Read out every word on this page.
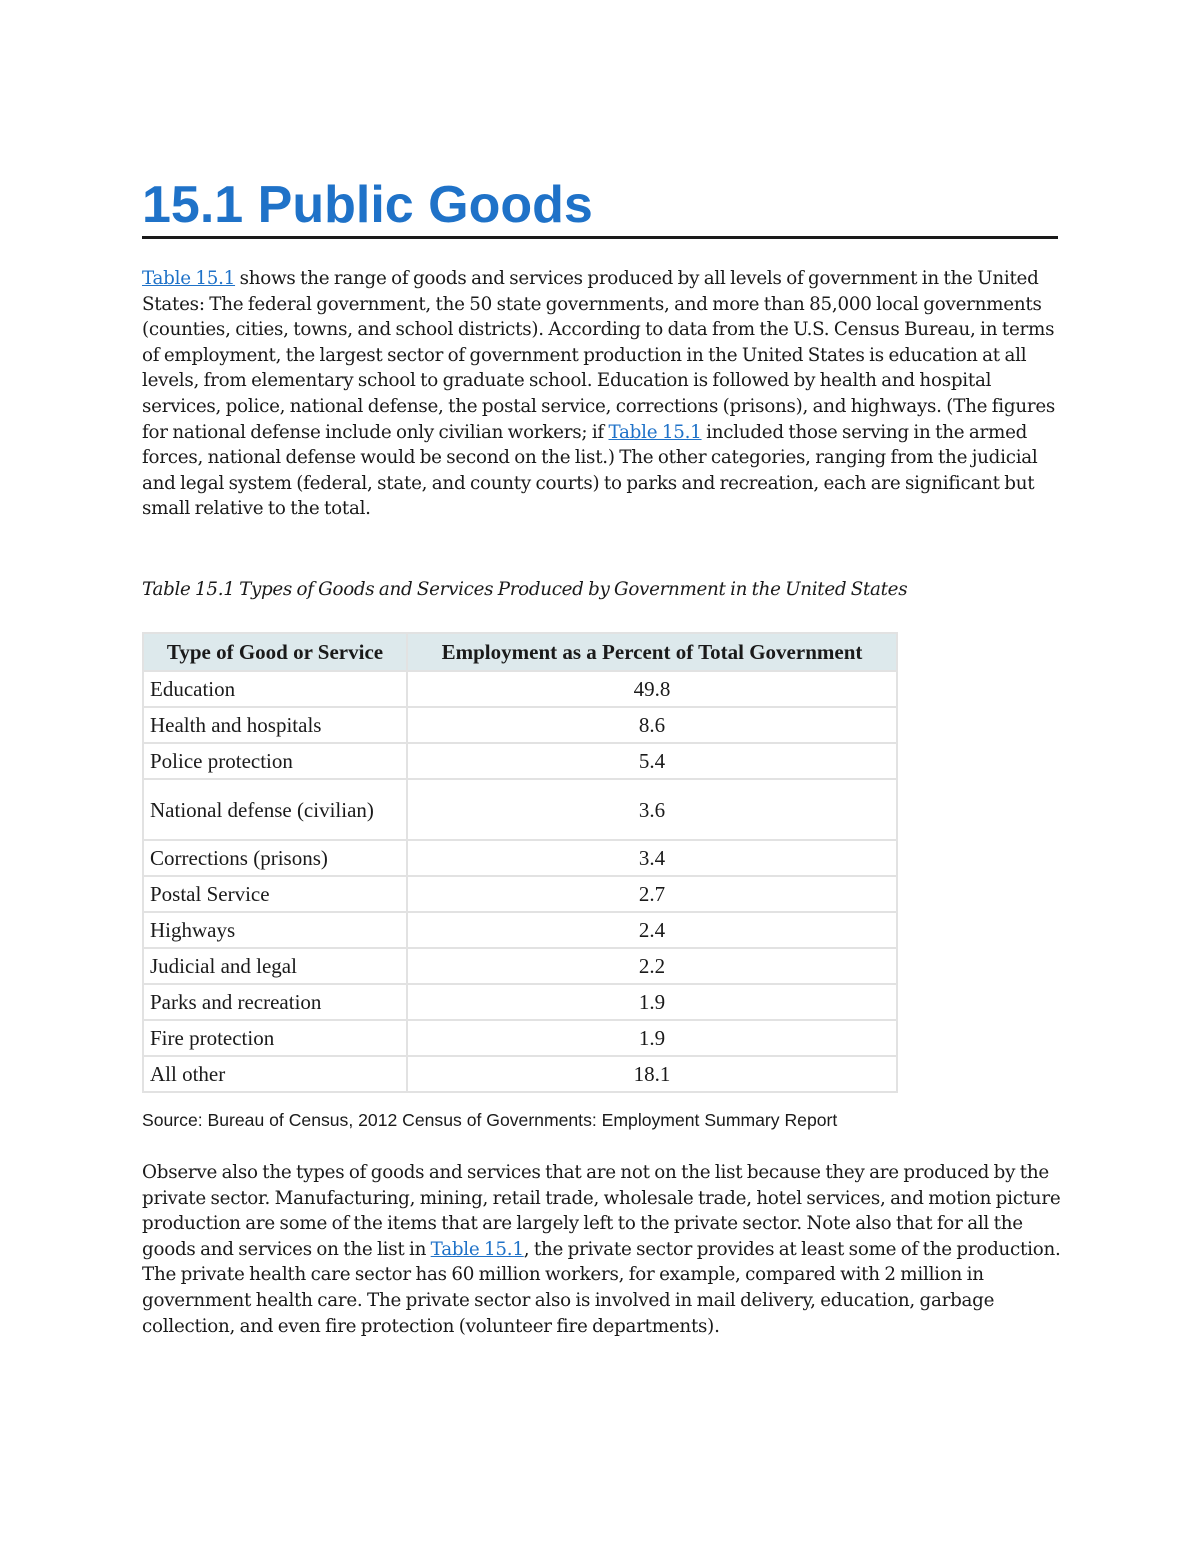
15.1 Public Goods

Table 15.1 shows the range of goods and services produced by all levels of government in the United States: The federal government, the 50 state governments, and more than 85,000 local governments (counties, cities, towns, and school districts). According to data from the U.S. Census Bureau, in terms of employment, the largest sector of government production in the United States is education at all levels, from elementary school to graduate school. Education is followed by health and hospital services, police, national defense, the postal service, corrections (prisons), and highways. (The figures for national defense include only civilian workers; if Table 15.1 included those serving in the armed forces, national defense would be second on the list.) The other categories, ranging from the judicial and legal system (federal, state, and county courts) to parks and recreation, each are significant but small relative to the total.

Table 15.1 Types of Goods and Services Produced by Government in the United States

Type of Good or Service	Employment as a Percent of Total Government
Education	49.8
Health and hospitals	8.6
Police protection	5.4
National defense (civilian)	3.6
Corrections (prisons)	3.4
Postal Service	2.7
Highways	2.4
Judicial and legal	2.2
Parks and recreation	1.9
Fire protection	1.9
All other	18.1

Source: Bureau of Census, 2012 Census of Governments: Employment Summary Report

Observe also the types of goods and services that are not on the list because they are produced by the private sector. Manufacturing, mining, retail trade, wholesale trade, hotel services, and motion picture production are some of the items that are largely left to the private sector. Note also that for all the goods and services on the list in Table 15.1, the private sector provides at least some of the production. The private health care sector has 60 million workers, for example, compared with 2 million in government health care. The private sector also is involved in mail delivery, education, garbage collection, and even fire protection (volunteer fire departments).
